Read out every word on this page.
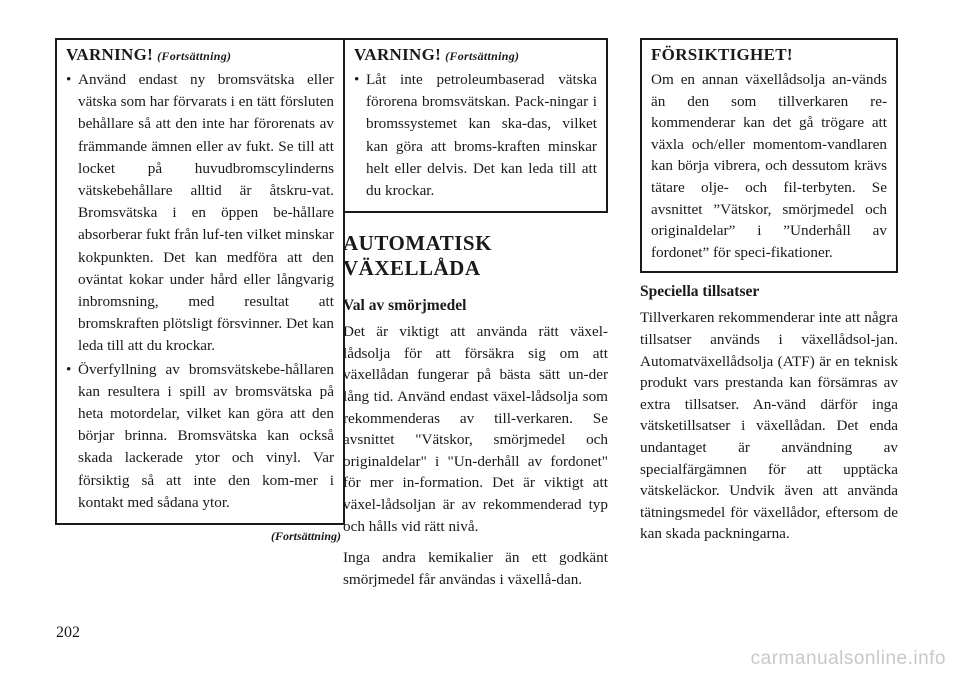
VARNING! (Fortsättning)
• Använd endast ny bromsvätska eller vätska som har förvarats i en tätt försluten behållare så att den inte har förorenats av främmande ämnen eller av fukt. Se till att locket på huvudbromscylinderns vätskebehållare alltid är åtskru-vat. Bromsvätska i en öppen be-hållare absorberar fukt från luf-ten vilket minskar kokpunkten. Det kan medföra att den oväntat kokar under hård eller långvarig inbromsning, med resultat att bromskraften plötsligt försvinner. Det kan leda till att du krockar.
• Överfyllning av bromsvätskebe-hållaren kan resultera i spill av bromsvätska på heta motordelar, vilket kan göra att den börjar brinna. Bromsvätska kan också skada lackerade ytor och vinyl. Var försiktig så att inte den kom-mer i kontakt med sådana ytor.
(Fortsättning)
VARNING! (Fortsättning)
• Låt inte petroleumbaserad vätska förorena bromsvätskan. Pack-ningar i bromssystemet kan ska-das, vilket kan göra att broms-kraften minskar helt eller delvis. Det kan leda till att du krockar.
AUTOMATISK
VÄXELLÅDA
Val av smörjmedel

Det är viktigt att använda rätt växel-lådsolja för att försäkra sig om att växellådan fungerar på bästa sätt un-der lång tid. Använd endast växel-lådsolja som rekommenderas av till-verkaren. Se avsnittet "Vätskor, smörjmedel och originaldelar" i "Un-derhåll av fordonet" för mer in-formation. Det är viktigt att växel-lådsoljan är av rekommenderad typ och hålls vid rätt nivå.

Inga andra kemikalier än ett godkänt smörjmedel får användas i växellå-dan.

FÖRSIKTIGHET!

Om en annan växellådsolja an-vänds än den som tillverkaren re-kommenderar kan det gå trögare att växla och/eller momentom-vandlaren kan börja vibrera, och dessutom krävs tätare olje- och fil-terbyten. Se avsnittet ”Vätskor, smörjmedel och originaldelar” i ”Underhåll av fordonet” för speci-fikationer.

Speciella tillsatser

Tillverkaren rekommenderar inte att några tillsatser används i växellådsol-jan. Automatväxellådsolja (ATF) är en teknisk produkt vars prestanda kan försämras av extra tillsatser. An-vänd därför inga vätsketillsatser i växellådan. Det enda undantaget är användning av specialfärgämnen för att upptäcka vätskeläckor. Undvik även att använda tätningsmedel för växellådor, eftersom de kan skada packningarna.

202
carmanualsonline.info
